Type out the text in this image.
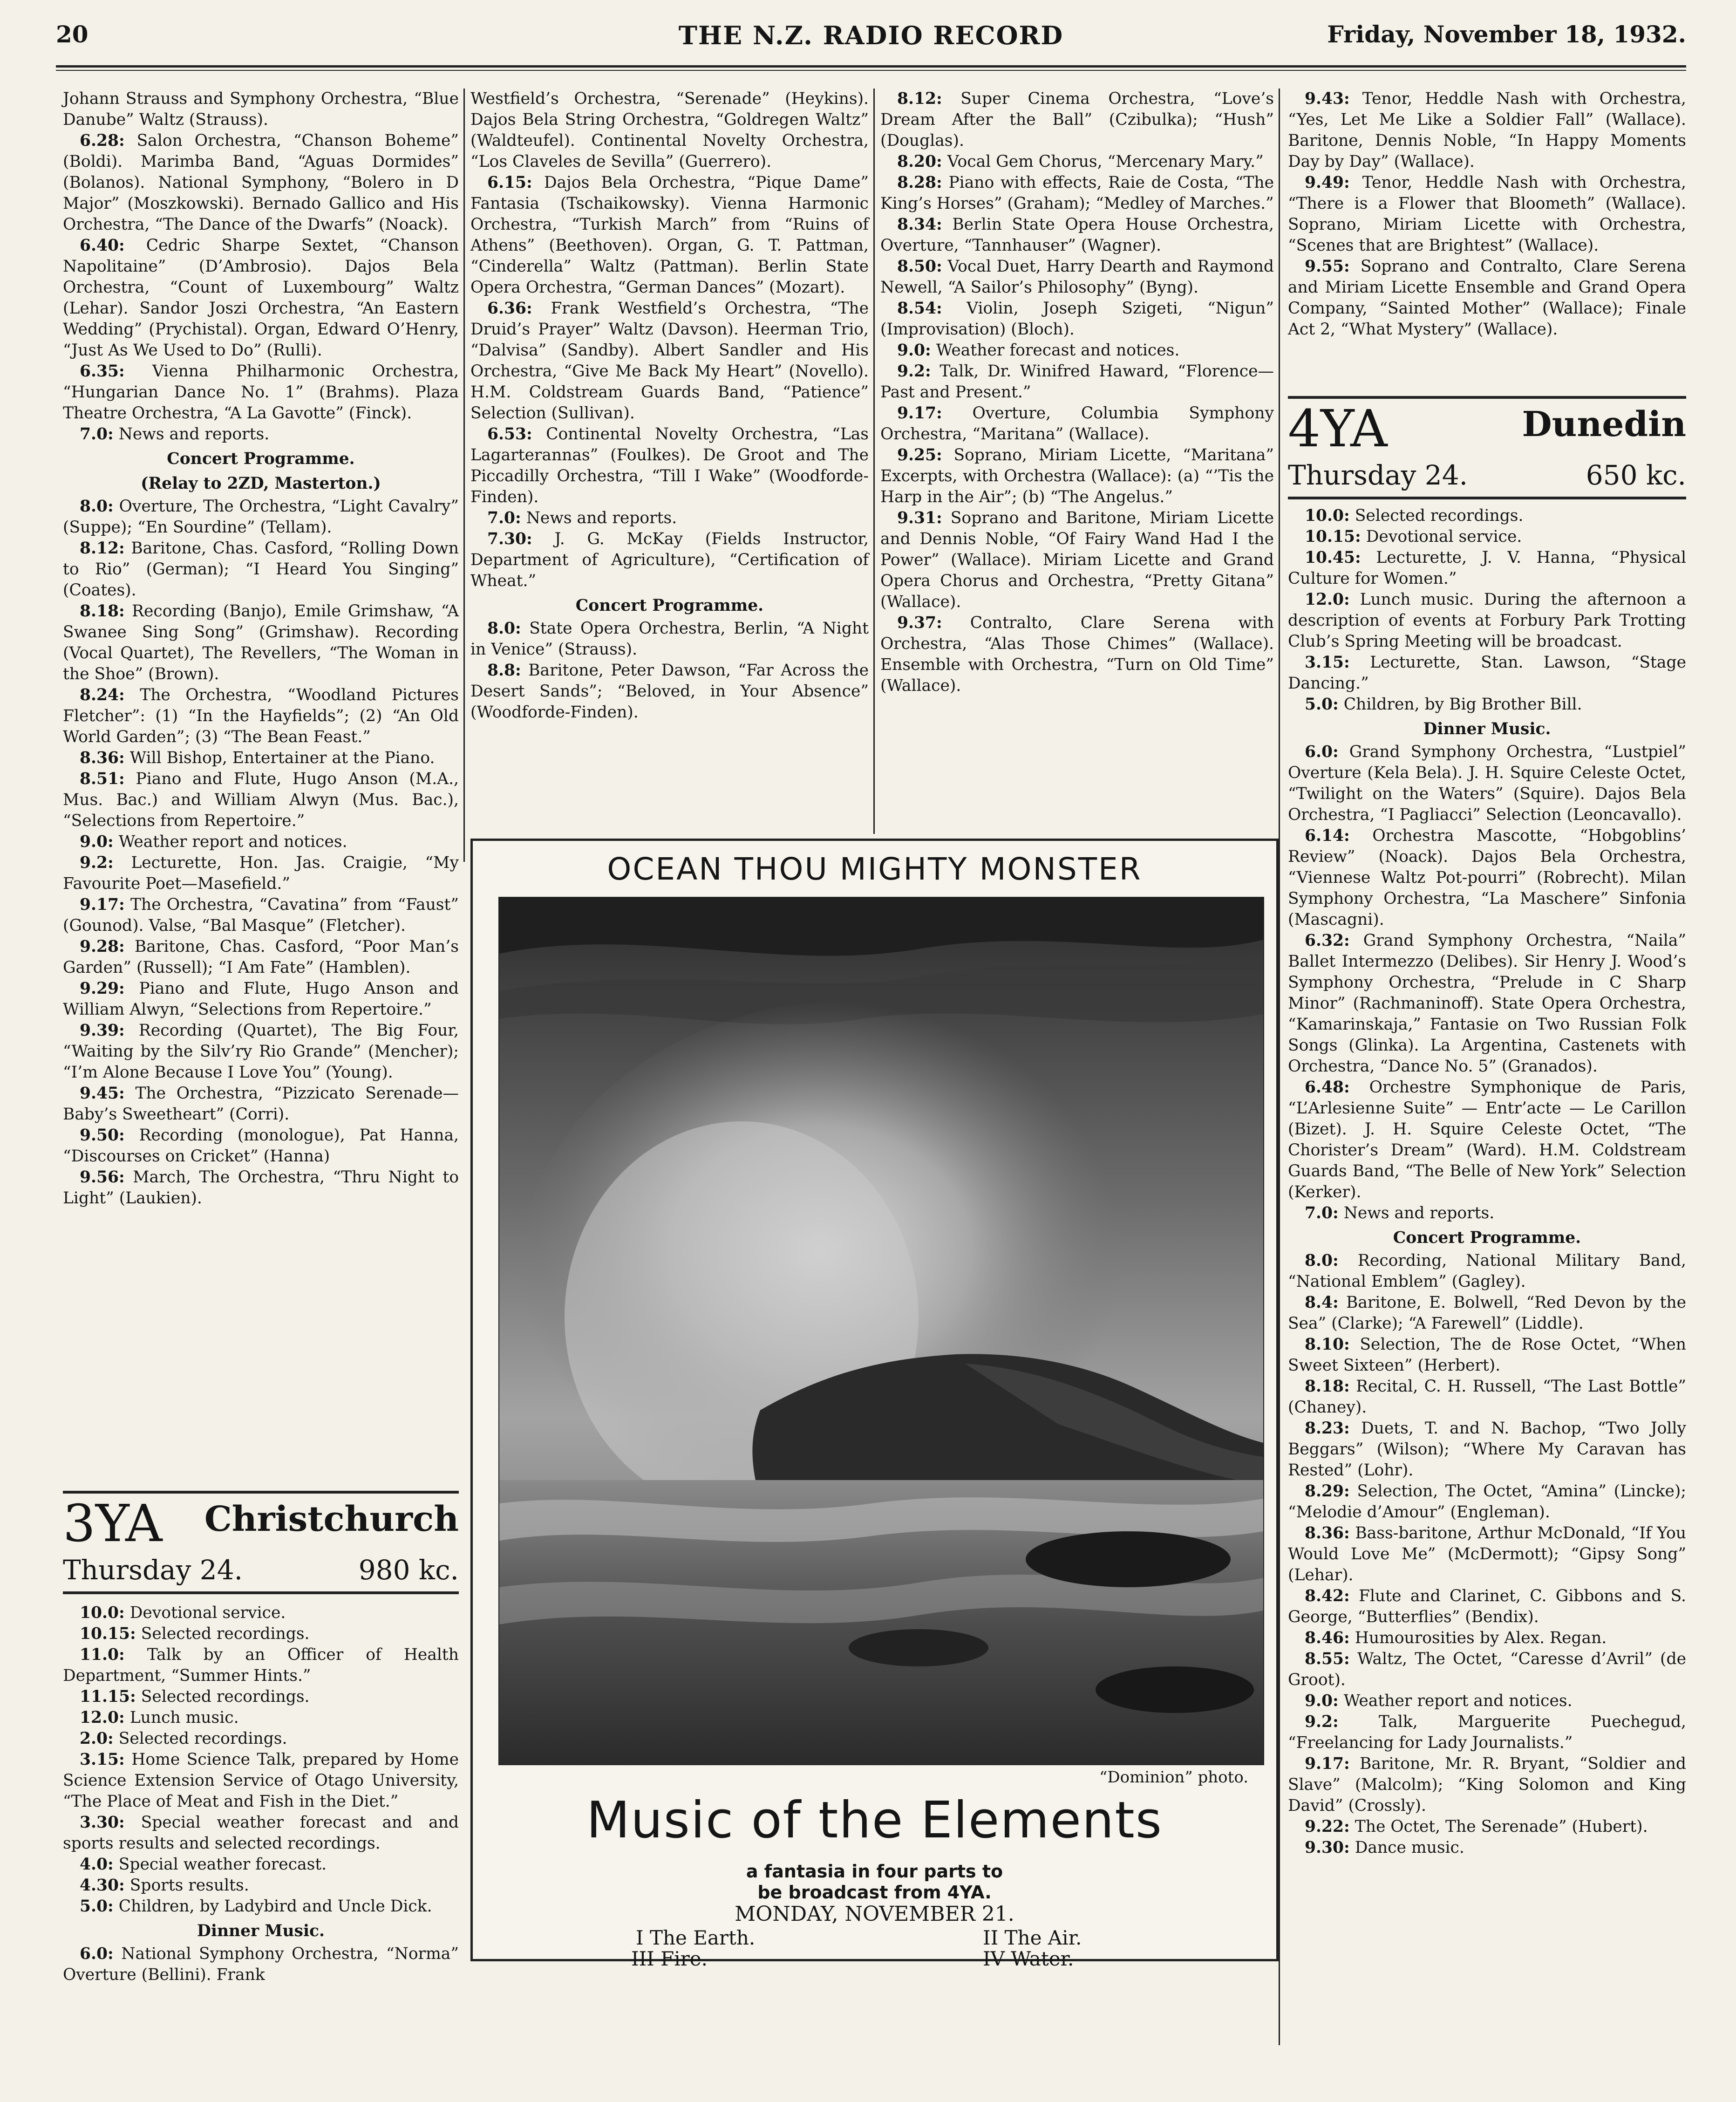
20	THE N.Z. RADIO RECORD	Friday, November 18, 1932.

Johann Strauss and Symphony Orchestra, “Blue Danube” Waltz (Strauss).

6.28: Salon Orchestra, “Chanson Boheme” (Boldi). Marimba Band, “Aguas Dormides” (Bolanos). National Symphony, “Bolero in D Major” (Moszkowski). Bernado Gallico and His Orchestra, “The Dance of the Dwarfs” (Noack).

6.40: Cedric Sharpe Sextet, “Chanson Napolitaine” (D’Ambrosio). Dajos Bela Orchestra, “Count of Luxembourg” Waltz (Lehar). Sandor Joszi Orchestra, “An Eastern Wedding” (Prychistal). Organ, Edward O’Henry, “Just As We Used to Do” (Rulli).

6.35: Vienna Philharmonic Orchestra, “Hungarian Dance No. 1” (Brahms). Plaza Theatre Orchestra, “A La Gavotte” (Finck).

7.0: News and reports.

Concert Programme.

(Relay to 2ZD, Masterton.)

8.0: Overture, The Orchestra, “Light Cavalry” (Suppe); “En Sourdine” (Tellam).

8.12: Baritone, Chas. Casford, “Rolling Down to Rio” (German); “I Heard You Singing” (Coates).

8.18: Recording (Banjo), Emile Grimshaw, “A Swanee Sing Song” (Grimshaw). Recording (Vocal Quartet), The Revellers, “The Woman in the Shoe” (Brown).

8.24: The Orchestra, “Woodland Pictures Fletcher”: (1) “In the Hayfields”; (2) “An Old World Garden”; (3) “The Bean Feast.”

8.36: Will Bishop, Entertainer at the Piano.

8.51: Piano and Flute, Hugo Anson (M.A., Mus. Bac.) and William Alwyn (Mus. Bac.), “Selections from Repertoire.”

9.0: Weather report and notices.

9.2: Lecturette, Hon. Jas. Craigie, “My Favourite Poet—Masefield.”

9.17: The Orchestra, “Cavatina” from “Faust” (Gounod). Valse, “Bal Masque” (Fletcher).

9.28: Baritone, Chas. Casford, “Poor Man’s Garden” (Russell); “I Am Fate” (Hamblen).

9.29: Piano and Flute, Hugo Anson and William Alwyn, “Selections from Repertoire.”

9.39: Recording (Quartet), The Big Four, “Waiting by the Silv’ry Rio Grande” (Mencher); “I’m Alone Because I Love You” (Young).

9.45: The Orchestra, “Pizzicato Serenade—Baby’s Sweetheart” (Corri).

9.50: Recording (monologue), Pat Hanna, “Discourses on Cricket” (Hanna)

9.56: March, The Orchestra, “Thru Night to Light” (Laukien).

3YA Christchurch
Thursday 24.	980 kc.

10.0: Devotional service.

10.15: Selected recordings.

11.0: Talk by an Officer of Health Department, “Summer Hints.”

11.15: Selected recordings.

12.0: Lunch music.

2.0: Selected recordings.

3.15: Home Science Talk, prepared by Home Science Extension Service of Otago University, “The Place of Meat and Fish in the Diet.”

3.30: Special weather forecast and and sports results and selected recordings.

4.0: Special weather forecast.

4.30: Sports results.

5.0: Children, by Ladybird and Uncle Dick.

Dinner Music.

6.0: National Symphony Orchestra, “Norma” Overture (Bellini). Frank

Westfield’s Orchestra, “Serenade” (Heykins). Dajos Bela String Orchestra, “Goldregen Waltz” (Waldteufel). Continental Novelty Orchestra, “Los Claveles de Sevilla” (Guerrero).

6.15: Dajos Bela Orchestra, “Pique Dame” Fantasia (Tschaikowsky). Vienna Harmonic Orchestra, “Turkish March” from “Ruins of Athens” (Beethoven). Organ, G. T. Pattman, “Cinderella” Waltz (Pattman). Berlin State Opera Orchestra, “German Dances” (Mozart).

6.36: Frank Westfield’s Orchestra, “The Druid’s Prayer” Waltz (Davson). Heerman Trio, “Dalvisa” (Sandby). Albert Sandler and His Orchestra, “Give Me Back My Heart” (Novello). H.M. Coldstream Guards Band, “Patience” Selection (Sullivan).

6.53: Continental Novelty Orchestra, “Las Lagarterannas” (Foulkes). De Groot and The Piccadilly Orchestra, “Till I Wake” (Woodforde-Finden).

7.0: News and reports.

7.30: J. G. McKay (Fields Instructor, Department of Agriculture), “Certification of Wheat.”

Concert Programme.

8.0: State Opera Orchestra, Berlin, “A Night in Venice” (Strauss).

8.8: Baritone, Peter Dawson, “Far Across the Desert Sands”; “Beloved, in Your Absence” (Woodforde-Finden).

8.12: Super Cinema Orchestra, “Love’s Dream After the Ball” (Czibulka); “Hush” (Douglas).

8.20: Vocal Gem Chorus, “Mercenary Mary.”

8.28: Piano with effects, Raie de Costa, “The King’s Horses” (Graham); “Medley of Marches.”

8.34: Berlin State Opera House Orchestra, Overture, “Tannhauser” (Wagner).

8.50: Vocal Duet, Harry Dearth and Raymond Newell, “A Sailor’s Philosophy” (Byng).

8.54: Violin, Joseph Szigeti, “Nigun” (Improvisation) (Bloch).

9.0: Weather forecast and notices.

9.2: Talk, Dr. Winifred Haward, “Florence—Past and Present.”

9.17: Overture, Columbia Symphony Orchestra, “Maritana” (Wallace).

9.25: Soprano, Miriam Licette, “Maritana” Excerpts, with Orchestra (Wallace): (a) “’Tis the Harp in the Air”; (b) “The Angelus.”

9.31: Soprano and Baritone, Miriam Licette and Dennis Noble, “Of Fairy Wand Had I the Power” (Wallace). Miriam Licette and Grand Opera Chorus and Orchestra, “Pretty Gitana” (Wallace).

9.37: Contralto, Clare Serena with Orchestra, “Alas Those Chimes” (Wallace). Ensemble with Orchestra, “Turn on Old Time” (Wallace).

9.43: Tenor, Heddle Nash with Orchestra, “Yes, Let Me Like a Soldier Fall” (Wallace). Baritone, Dennis Noble, “In Happy Moments Day by Day” (Wallace).

9.49: Tenor, Heddle Nash with Orchestra, “There is a Flower that Bloometh” (Wallace). Soprano, Miriam Licette with Orchestra, “Scenes that are Brightest” (Wallace).

9.55: Soprano and Contralto, Clare Serena and Miriam Licette Ensemble and Grand Opera Company, “Sainted Mother” (Wallace); Finale Act 2, “What Mystery” (Wallace).

4YA	Dunedin
Thursday 24.	650 kc.

10.0: Selected recordings.

10.15: Devotional service.

10.45: Lecturette, J. V. Hanna, “Physical Culture for Women.”

12.0: Lunch music. During the afternoon a description of events at Forbury Park Trotting Club’s Spring Meeting will be broadcast.

3.15: Lecturette, Stan. Lawson, “Stage Dancing.”

5.0: Children, by Big Brother Bill.

Dinner Music.

6.0: Grand Symphony Orchestra, “Lustpiel” Overture (Kela Bela). J. H. Squire Celeste Octet, “Twilight on the Waters” (Squire). Dajos Bela Orchestra, “I Pagliacci” Selection (Leoncavallo).

6.14: Orchestra Mascotte, “Hobgoblins’ Review” (Noack). Dajos Bela Orchestra, “Viennese Waltz Pot-pourri” (Robrecht). Milan Symphony Orchestra, “La Maschere” Sinfonia (Mascagni).

6.32: Grand Symphony Orchestra, “Naila” Ballet Intermezzo (Delibes). Sir Henry J. Wood’s Symphony Orchestra, “Prelude in C Sharp Minor” (Rachmaninoff). State Opera Orchestra, “Kamarinskaja,” Fantasie on Two Russian Folk Songs (Glinka). La Argentina, Castenets with Orchestra, “Dance No. 5” (Granados).

6.48: Orchestre Symphonique de Paris, “L’Arlesienne Suite” — Entr’acte — Le Carillon (Bizet). J. H. Squire Celeste Octet, “The Chorister’s Dream” (Ward). H.M. Coldstream Guards Band, “The Belle of New York” Selection (Kerker).

7.0: News and reports.

Concert Programme.

8.0: Recording, National Military Band, “National Emblem” (Gagley).

8.4: Baritone, E. Bolwell, “Red Devon by the Sea” (Clarke); “A Farewell” (Liddle).

8.10: Selection, The de Rose Octet, “When Sweet Sixteen” (Herbert).

8.18: Recital, C. H. Russell, “The Last Bottle” (Chaney).

8.23: Duets, T. and N. Bachop, “Two Jolly Beggars” (Wilson); “Where My Caravan has Rested” (Lohr).

8.29: Selection, The Octet, “Amina” (Lincke); “Melodie d’Amour” (Engleman).

8.36: Bass-baritone, Arthur McDonald, “If You Would Love Me” (McDermott); “Gipsy Song” (Lehar).

8.42: Flute and Clarinet, C. Gibbons and S. George, “Butterflies” (Bendix).

8.46: Humourosities by Alex. Regan.

8.55: Waltz, The Octet, “Caresse d’Avril” (de Groot).

9.0: Weather report and notices.

9.2: Talk, Marguerite Puechegud, “Freelancing for Lady Journalists.”

9.17: Baritone, Mr. R. Bryant, “Soldier and Slave” (Malcolm); “King Solomon and King David” (Crossly).

9.22: The Octet, The Serenade” (Hubert).

9.30: Dance music.

OCEAN THOU MIGHTY MONSTER
“Dominion” photo.
Music of the Elements
a fantasia in four parts to
be broadcast from 4YA.
MONDAY, NOVEMBER 21.
I The Earth.	II The Air.
III Fire.	IV Water.
